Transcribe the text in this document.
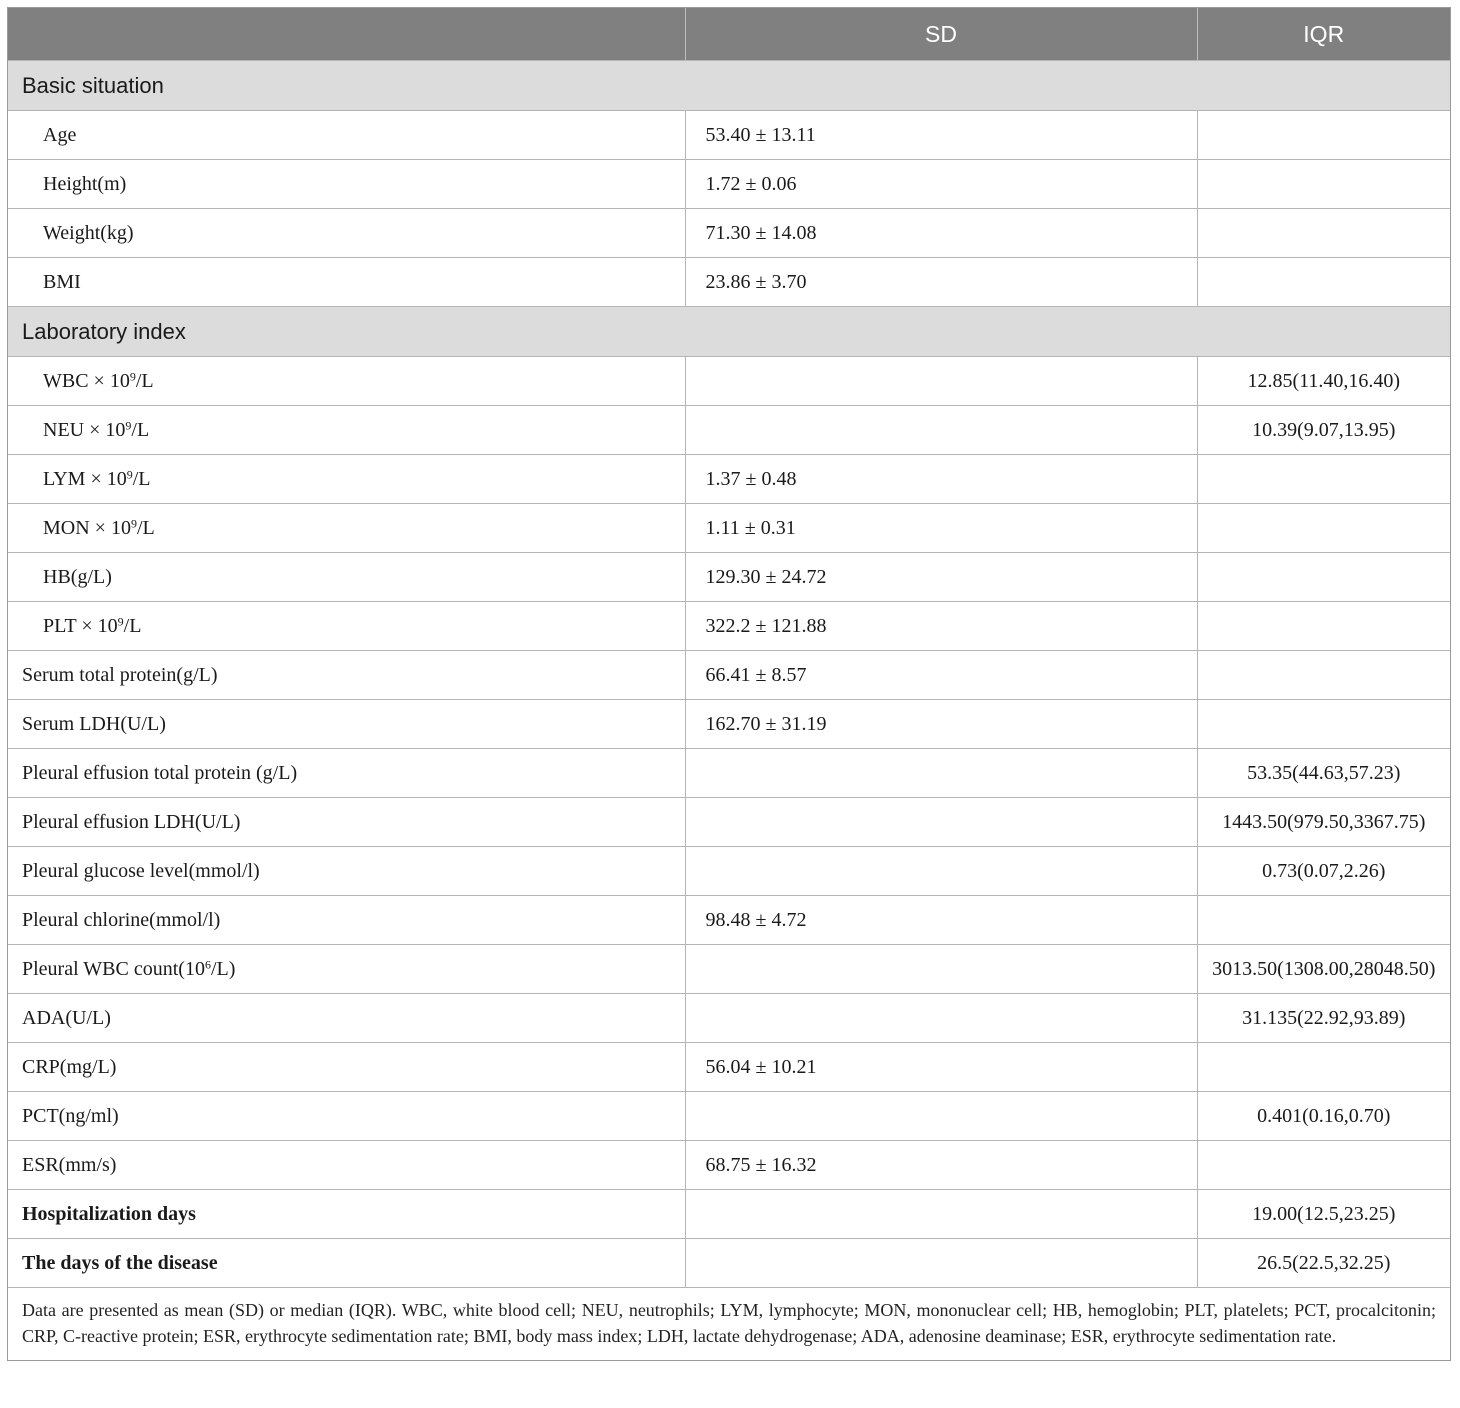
	SD	IQR
Basic situation		
Age	53.40 ± 13.11	
Height(m)	1.72 ± 0.06	
Weight(kg)	71.30 ± 14.08	
BMI	23.86 ± 3.70	
Laboratory index		
WBC × $10^9/L$		12.85(11.40,16.40)
NEU × $10^9/L$		10.39(9.07,13.95)
LYM × $10^9/L$	1.37 ± 0.48	
MON × $10^9/L$	1.11 ± 0.31	
HB(g/L)	129.30 ± 24.72	
PLT × $10^9/L$	322.2 ± 121.88	
Serum total protein(g/L)	66.41 ± 8.57	
Serum LDH(U/L)	162.70 ± 31.19	
Pleural effusion total protein (g/L)		53.35(44.63,57.23)
Pleural effusion LDH(U/L)		1443.50(979.50,3367.75)
Pleural glucose level(mmol/l)		0.73(0.07,2.26)
Pleural chlorine(mmol/l)	98.48 ± 4.72	
Pleural WBC $count(10^6/L)$		3013.50(1308.00,28048.50)
ADA(U/L)		31.135(22.92,93.89)
CRP(mg/L)	56.04 ± 10.21	
PCT(ng/ml)		0.401(0.16,0.70)
ESR(mm/s)	68.75 ± 16.32	
Hospitalization days		19.00(12.5,23.25)
The days of the disease		26.5(22.5,32.25)
Data are presented as mean (SD) or median (IQR). WBC, white blood cell; NEU, neutrophils; LYM, lymphocyte; MON, mononuclear cell; HB, hemoglobin; PLT, platelets; PCT, procalcitonin; CRP, C-reactive protein; ESR, erythrocyte sedimentation rate; BMI, body mass index; LDH, lactate dehydrogenase; ADA, adenosine deaminase; ESR, erythrocyte sedimentation rate.		
